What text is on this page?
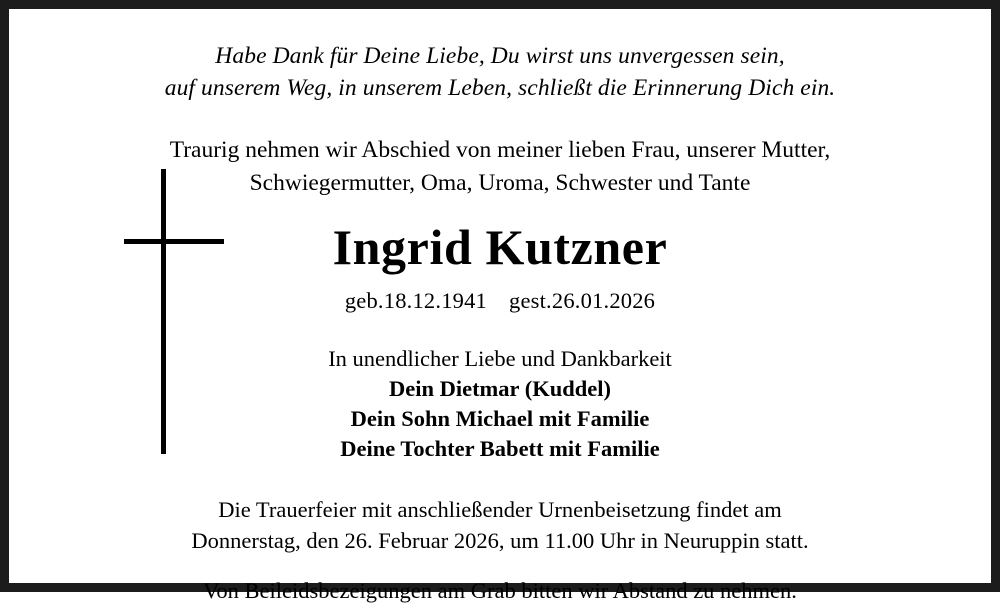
Habe Dank für Deine Liebe, Du wirst uns unvergessen sein,
auf unserem Weg, in unserem Leben, schließt die Erinnerung Dich ein.
Traurig nehmen wir Abschied von meiner lieben Frau, unserer Mutter,
Schwiegermutter, Oma, Uroma, Schwester und Tante
Ingrid Kutzner
geb.18.12.1941 gest.26.01.2026
In unendlicher Liebe und Dankbarkeit
Dein Dietmar (Kuddel)
Dein Sohn Michael mit Familie
Deine Tochter Babett mit Familie
Die Trauerfeier mit anschließender Urnenbeisetzung findet am
Donnerstag, den 26. Februar 2026, um 11.00 Uhr in Neuruppin statt.
Von Beileidsbezeigungen am Grab bitten wir Abstand zu nehmen.
